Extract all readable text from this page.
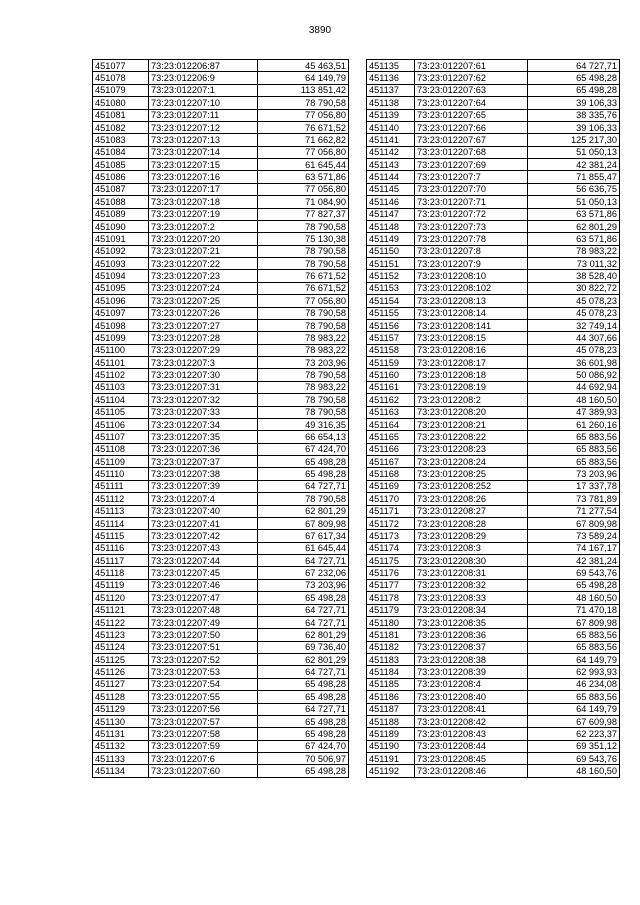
3890
451077	73:23:012206:87	45 463,51
451078	73:23:012206:9	64 149,79
451079	73:23:012207:1	113 851,42
451080	73:23:012207:10	78 790,58
451081	73:23:012207:11	77 056,80
451082	73:23:012207:12	76 671,52
451083	73:23:012207:13	71 662,82
451084	73:23:012207:14	77 056,80
451085	73:23:012207:15	61 645,44
451086	73:23:012207:16	63 571,86
451087	73:23:012207:17	77 056,80
451088	73:23:012207:18	71 084,90
451089	73:23:012207:19	77 827,37
451090	73:23:012207:2	78 790,58
451091	73:23:012207:20	75 130,38
451092	73:23:012207:21	78 790,58
451093	73:23:012207:22	78 790,58
451094	73:23:012207:23	76 671,52
451095	73:23:012207:24	76 671,52
451096	73:23:012207:25	77 056,80
451097	73:23:012207:26	78 790,58
451098	73:23:012207:27	78 790,58
451099	73:23:012207:28	78 983,22
451100	73:23:012207:29	78 983,22
451101	73:23:012207:3	73 203,96
451102	73:23:012207:30	78 790,58
451103	73:23:012207:31	78 983,22
451104	73:23:012207:32	78 790,58
451105	73:23:012207:33	78 790,58
451106	73:23:012207:34	49 316,35
451107	73:23:012207:35	66 654,13
451108	73:23:012207:36	67 424,70
451109	73:23:012207:37	65 498,28
451110	73:23:012207:38	65 498,28
451111	73:23:012207:39	64 727,71
451112	73:23:012207:4	78 790,58
451113	73:23:012207:40	62 801,29
451114	73:23:012207:41	67 809,98
451115	73:23:012207:42	67 617,34
451116	73:23:012207:43	61 645,44
451117	73:23:012207:44	64 727,71
451118	73:23:012207:45	67 232,06
451119	73:23:012207:46	73 203,96
451120	73:23:012207:47	65 498,28
451121	73:23:012207:48	64 727,71
451122	73:23:012207:49	64 727,71
451123	73:23:012207:50	62 801,29
451124	73:23:012207:51	69 736,40
451125	73:23:012207:52	62 801,29
451126	73:23:012207:53	64 727,71
451127	73:23:012207:54	65 498,28
451128	73:23:012207:55	65 498,28
451129	73:23:012207:56	64 727,71
451130	73:23:012207:57	65 498,28
451131	73:23:012207:58	65 498,28
451132	73:23:012207:59	67 424,70
451133	73:23:012207:6	70 506,97
451134	73:23:012207:60	65 498,28
451135	73:23:012207:61	64 727,71
451136	73:23:012207:62	65 498,28
451137	73:23:012207:63	65 498,28
451138	73:23:012207:64	39 106,33
451139	73:23:012207:65	38 335,76
451140	73:23:012207:66	39 106,33
451141	73:23:012207:67	125 217,30
451142	73:23:012207:68	51 050,13
451143	73:23:012207:69	42 381,24
451144	73:23:012207:7	71 855,47
451145	73:23:012207:70	56 636,75
451146	73:23:012207:71	51 050,13
451147	73:23:012207:72	63 571,86
451148	73:23:012207:73	62 801,29
451149	73:23:012207:78	63 571,86
451150	73:23:012207:8	78 983,22
451151	73:23:012207:9	73 011,32
451152	73:23:012208:10	38 528,40
451153	73:23:012208:102	30 822,72
451154	73:23:012208:13	45 078,23
451155	73:23:012208:14	45 078,23
451156	73:23:012208:141	32 749,14
451157	73:23:012208:15	44 307,66
451158	73:23:012208:16	45 078,23
451159	73:23:012208:17	36 601,98
451160	73:23:012208:18	50 086,92
451161	73:23:012208:19	44 692,94
451162	73:23:012208:2	48 160,50
451163	73:23:012208:20	47 389,93
451164	73:23:012208:21	61 260,16
451165	73:23:012208:22	65 883,56
451166	73:23:012208:23	65 883,56
451167	73:23:012208:24	65 883,56
451168	73:23:012208:25	73 203,96
451169	73:23:012208:252	17 337,78
451170	73:23:012208:26	73 781,89
451171	73:23:012208:27	71 277,54
451172	73:23:012208:28	67 809,98
451173	73:23:012208:29	73 589,24
451174	73:23:012208:3	74 167,17
451175	73:23:012208:30	42 381,24
451176	73:23:012208:31	69 543,76
451177	73:23:012208:32	65 498,28
451178	73:23:012208:33	48 160,50
451179	73:23:012208:34	71 470,18
451180	73:23:012208:35	67 809,98
451181	73:23:012208:36	65 883,56
451182	73:23:012208:37	65 883,56
451183	73:23:012208:38	64 149,79
451184	73:23:012208:39	62 993,93
451185	73:23:012208:4	46 234,08
451186	73:23:012208:40	65 883,56
451187	73:23:012208:41	64 149,79
451188	73:23:012208:42	67 609,98
451189	73:23:012208:43	62 223,37
451190	73:23:012208:44	69 351,12
451191	73:23:012208:45	69 543,76
451192	73:23:012208:46	48 160,50
